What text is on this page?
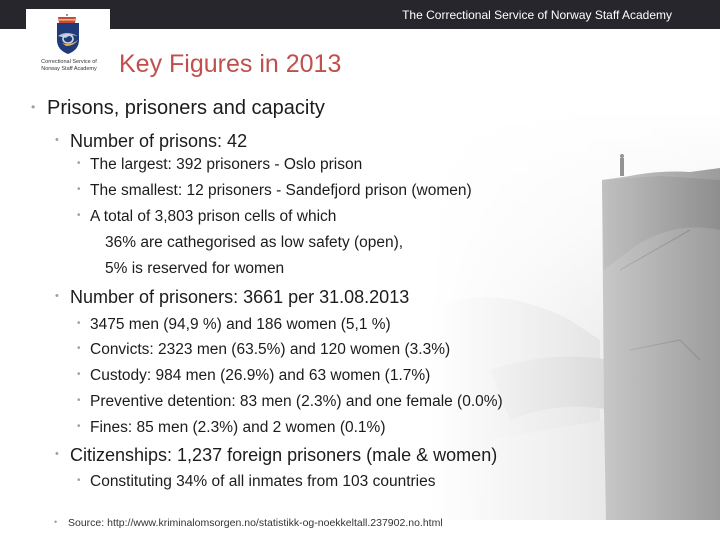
The Correctional Service of Norway Staff Academy
Correctional Service of
Norway Staff Academy Key Figures in 2013
• Prisons, prisoners and capacity
• Number of prisons: 42
• The largest: 392 prisoners - Oslo prison
• The smallest: 12 prisoners - Sandefjord prison (women)
• A total of 3,803 prison cells of which
36% are cathegorised as low safety (open),
5% is reserved for women
• Number of prisoners: 3661 per 31.08.2013
• 3475 men (94,9 %) and 186 women (5,1 %)
• Convicts: 2323 men (63.5%) and 120 women (3.3%)
• Custody: 984 men (26.9%) and 63 women (1.7%)
• Preventive detention: 83 men (2.3%) and one female (0.0%)
• Fines: 85 men (2.3%) and 2 women (0.1%)
• Citizenships: 1,237 foreign prisoners (male & women)
• Constituting 34% of all inmates from 103 countries
• Source: http://www.kriminalomsorgen.no/statistikk-og-noekkeltall.237902.no.html
